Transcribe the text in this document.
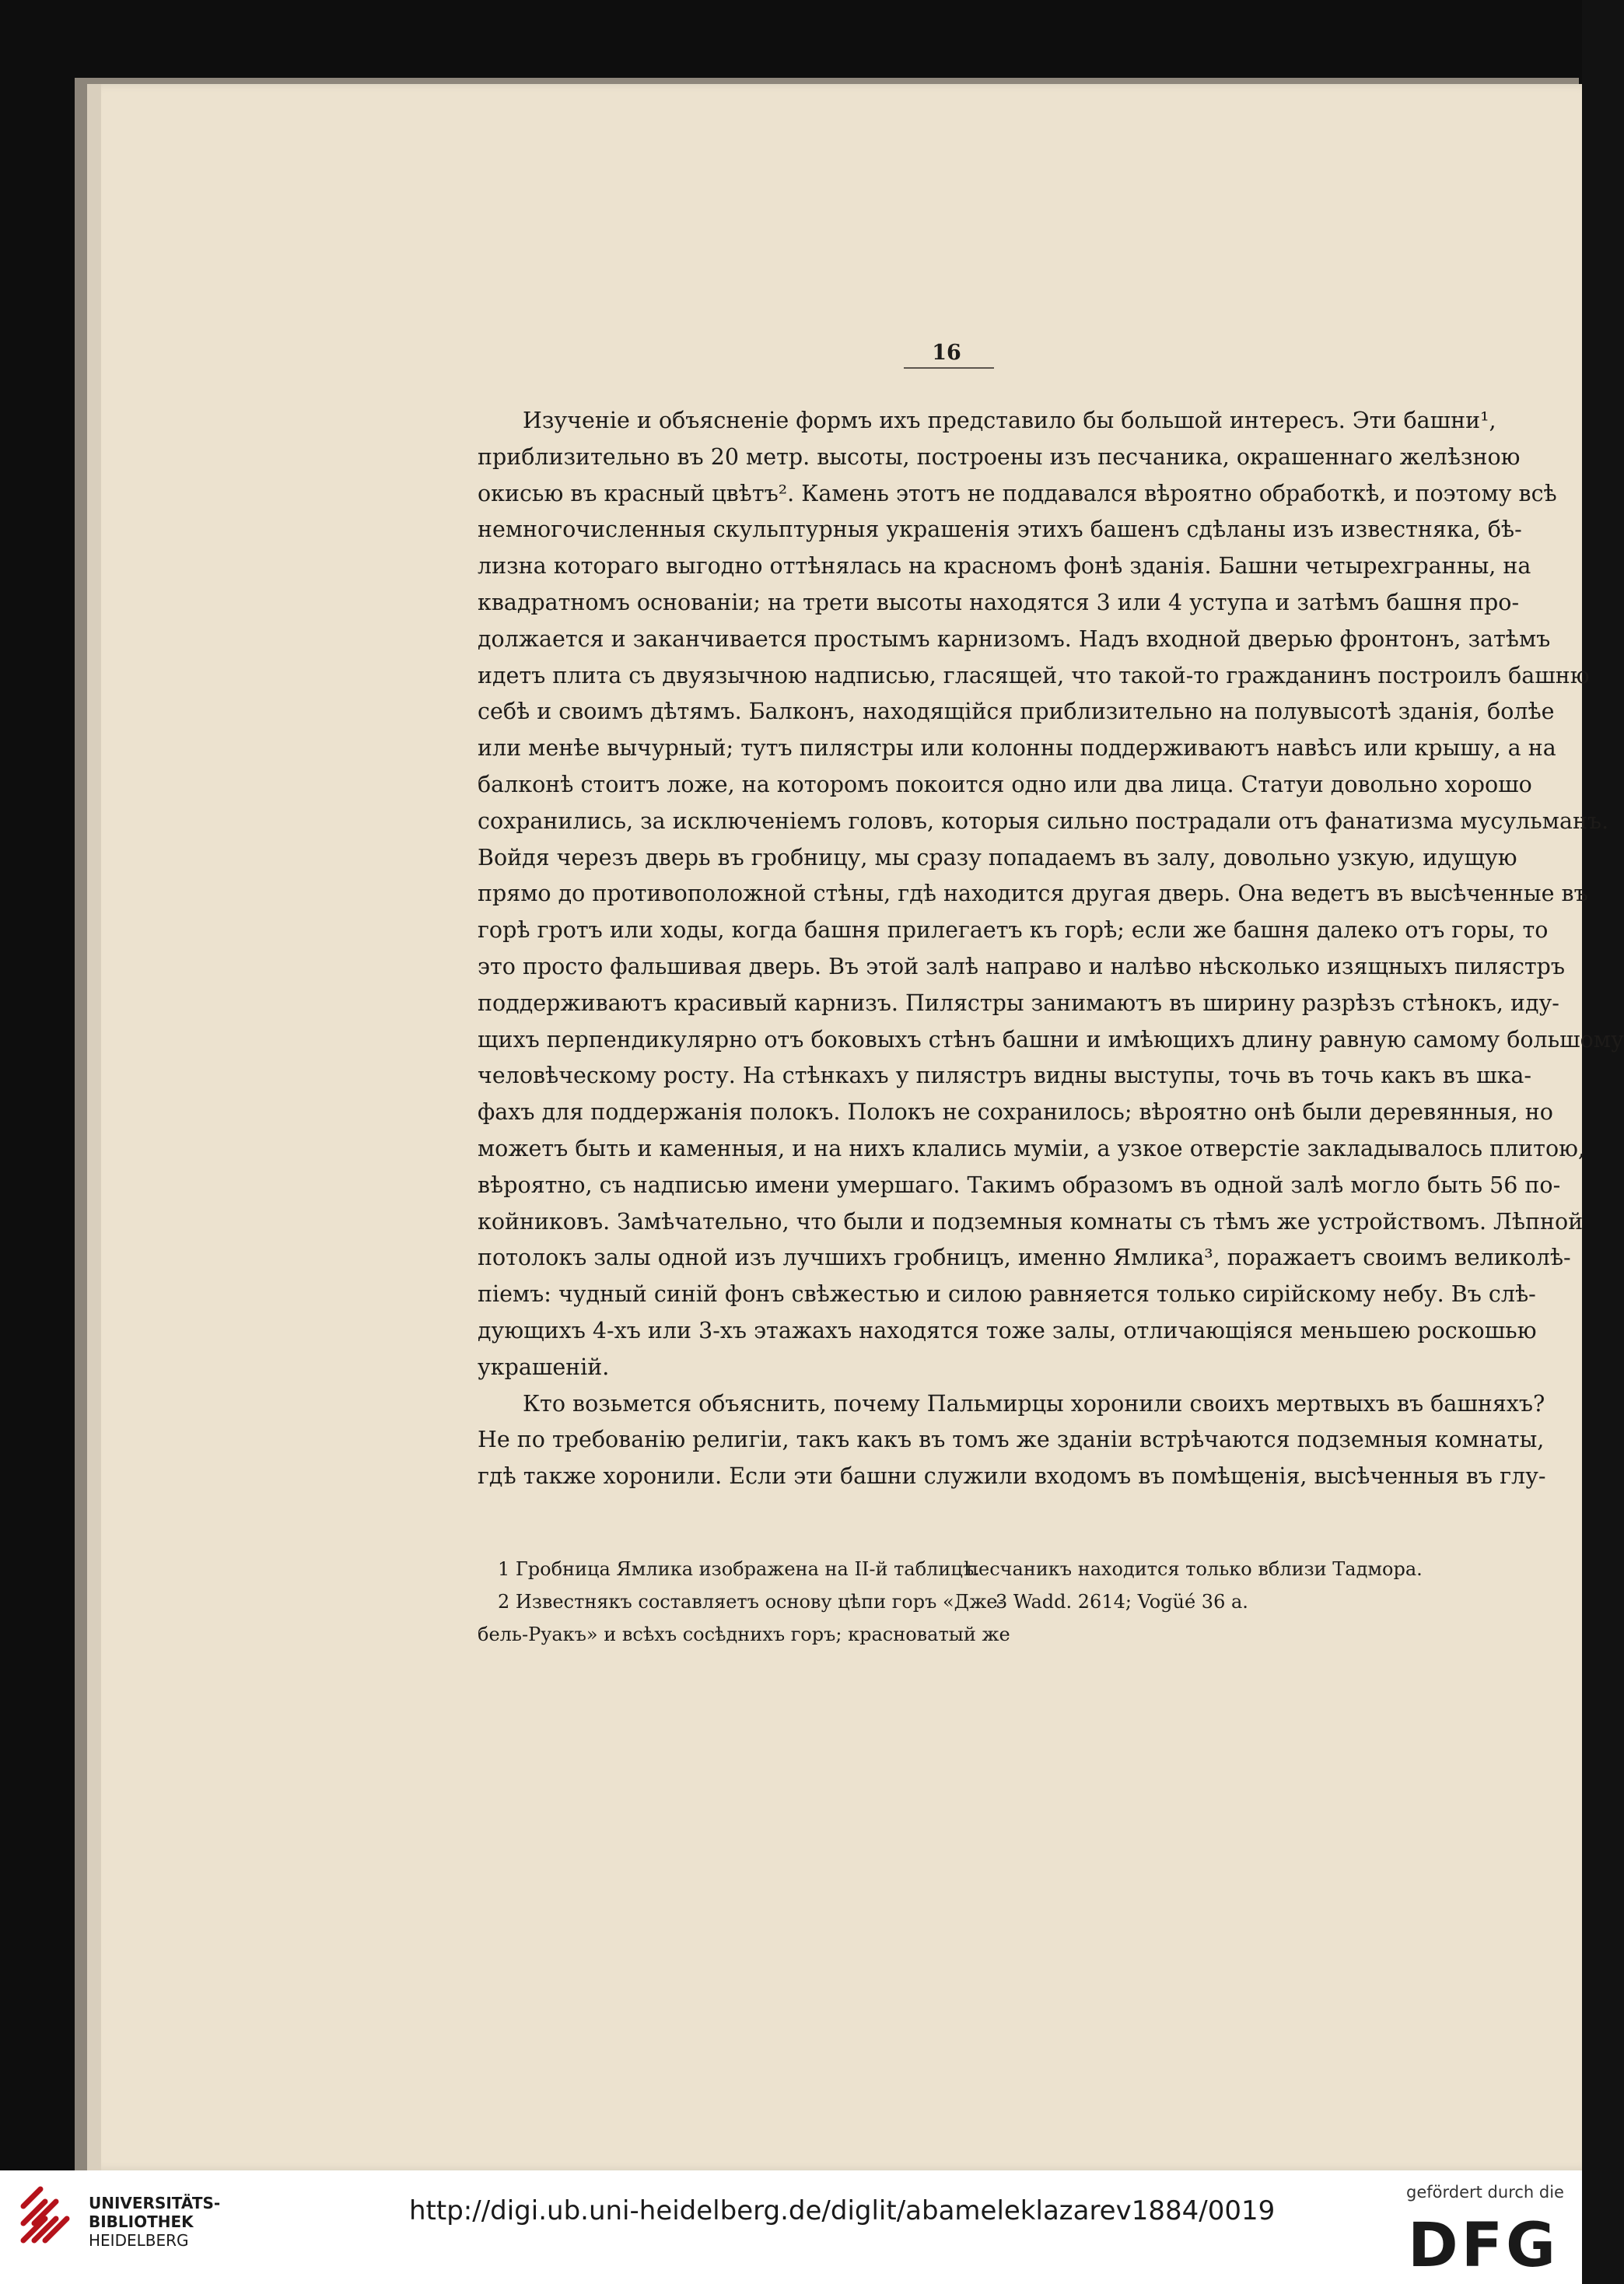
16

Изученіе и объясненіе формъ ихъ представило бы большой интересъ. Эти башни¹,
приблизительно въ 20 метр. высоты, построены изъ песчаника, окрашеннаго желѣзною
окисью въ красный цвѣтъ². Камень этотъ не поддавался вѣроятно обработкѣ, и поэтому всѣ
немногочисленныя скульптурныя украшенія этихъ башенъ сдѣланы изъ известняка, бѣ-
лизна котораго выгодно оттѣнялась на красномъ фонѣ зданія. Башни четырехгранны, на
квадратномъ основаніи; на трети высоты находятся 3 или 4 уступа и затѣмъ башня про-
должается и заканчивается простымъ карнизомъ. Надъ входной дверью фронтонъ, затѣмъ
идетъ плита съ двуязычною надписью, гласящей, что такой-то гражданинъ построилъ башню
себѣ и своимъ дѣтямъ. Балконъ, находящійся приблизительно на полувысотѣ зданія, болѣе
или менѣе вычурный; тутъ пилястры или колонны поддерживаютъ навѣсъ или крышу, а на
балконѣ стоитъ ложе, на которомъ покоится одно или два лица. Статуи довольно хорошо
сохранились, за исключеніемъ головъ, которыя сильно пострадали отъ фанатизма мусульманъ.
Войдя черезъ дверь въ гробницу, мы сразу попадаемъ въ залу, довольно узкую, идущую
прямо до противоположной стѣны, гдѣ находится другая дверь. Она ведетъ въ высѣченные въ
горѣ гротъ или ходы, когда башня прилегаетъ къ горѣ; если же башня далеко отъ горы, то
это просто фальшивая дверь. Въ этой залѣ направо и налѣво нѣсколько изящныхъ пилястръ
поддерживаютъ красивый карнизъ. Пилястры занимаютъ въ ширину разрѣзъ стѣнокъ, иду-
щихъ перпендикулярно отъ боковыхъ стѣнъ башни и имѣющихъ длину равную самому большому
человѣческому росту. На стѣнкахъ у пилястръ видны выступы, точь въ точь какъ въ шка-
фахъ для поддержанія полокъ. Полокъ не сохранилось; вѣроятно онѣ были деревянныя, но
можетъ быть и каменныя, и на нихъ клались муміи, а узкое отверстіе закладывалось плитою,
вѣроятно, съ надписью имени умершаго. Такимъ образомъ въ одной залѣ могло быть 56 по-
койниковъ. Замѣчательно, что были и подземныя комнаты съ тѣмъ же устройствомъ. Лѣпной
потолокъ залы одной изъ лучшихъ гробницъ, именно Ямлика³, поражаетъ своимъ великолѣ-
піемъ: чудный синій фонъ свѣжестью и силою равняется только сирійскому небу. Въ слѣ-
дующихъ 4-хъ или 3-хъ этажахъ находятся тоже залы, отличающіяся меньшею роскошью
украшеній.

Кто возьмется объяснить, почему Пальмирцы хоронили своихъ мертвыхъ въ башняхъ?
Не по требованію религіи, такъ какъ въ томъ же зданіи встрѣчаются подземныя комнаты,
гдѣ также хоронили. Если эти башни служили входомъ въ помѣщенія, высѣченныя въ глу-

1 Гробница Ямлика изображена на II-й таблицѣ.
2 Известнякъ составляетъ основу цѣпи горъ «Дже-
бель-Руакъ» и всѣхъ сосѣднихъ горъ; красноватый же
песчаникъ находится только вблизи Тадмора.
3 Wadd. 2614; Vogüé 36 a.
UNIVERSITÄTS-
BIBLIOTHEK
HEIDELBERG
http://digi.ub.uni-heidelberg.de/diglit/abameleklazarev1884/0019
gefördert durch die
DFG
